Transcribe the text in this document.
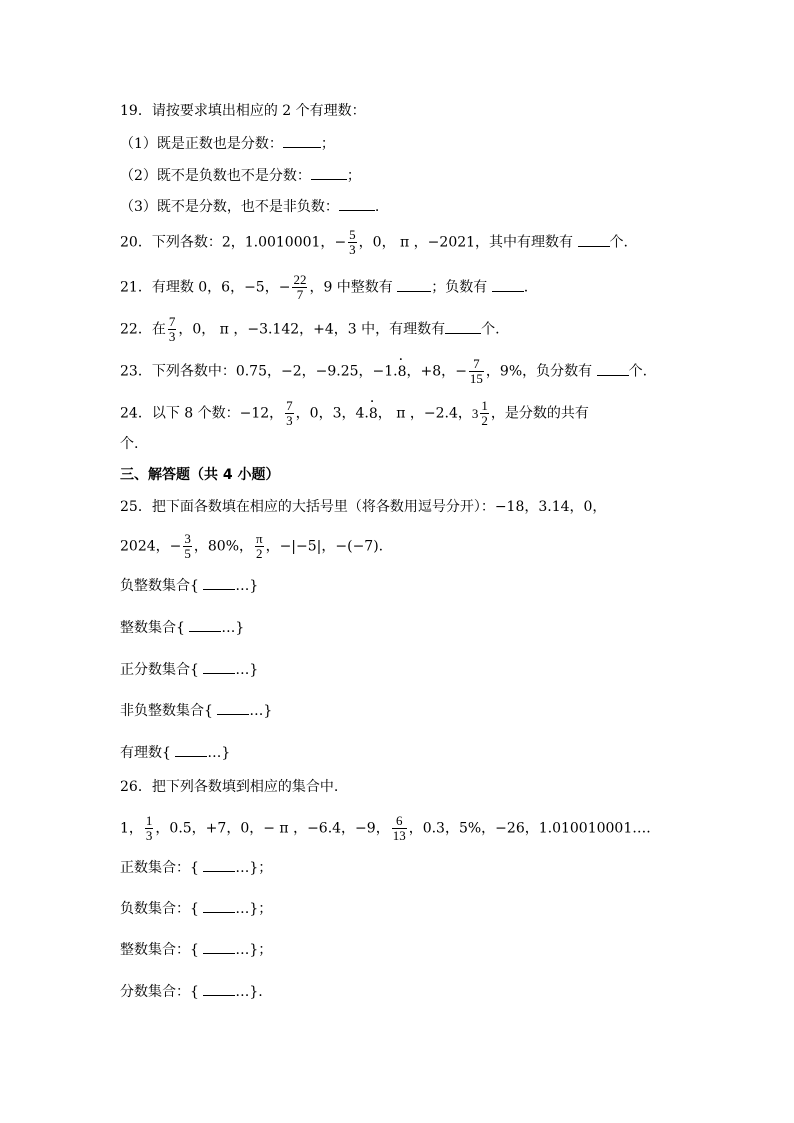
19．请按要求填出相应的 2 个有理数：
（1）既是正数也是分数：	；
（2）既不是负数也不是分数：	；
（3）既不是分数，也不是非负数：	.
20．下列各数：2，1.0010001，− $\frac{5}{3}$ ，0， π ，−2021，其中有理数有 个.
21．有理数 0，6，−5，− $\frac{22}{7}$ ，9 中整数有 ；负数有 .
22．在 $\frac{7}{3}$ ，0， π ，−3.142，+4，3 中，有理数有	个.
23．下列各数中：0.75，−2，−9.25，−1.· 8，+8，− $\frac{7}{15}$ ，9%，负分数有 个.
24．以下 8 个数：−12， $\frac{7}{3}$ ，0，3，4.· 8， π ，−2.4， $3 \frac{1}{2}$ ，是分数的共有
个.
三、解答题（共 4 小题）
25．把下面各数填在相应的大括号里（将各数用逗号分开）：−18，3.14，0，
2024，− $\frac{3}{5}$ ，80%， $\frac{\pi}{2}$ ，−|−5|，−(−7).
负整数集合{ …}
整数集合{ …}
正分数集合{ …}
非负整数集合{ …}
有理数{ …}
26．把下列各数填到相应的集合中.
1， $\frac{1}{3}$ ，0.5，+7，0，− π ，−6.4，−9， $\frac{6}{13}$ ，0.3，5%，−26，1.010010001….
正数集合：{ …}；
负数集合：{ …}；
整数集合：{ …}；
分数集合：{ …}.
